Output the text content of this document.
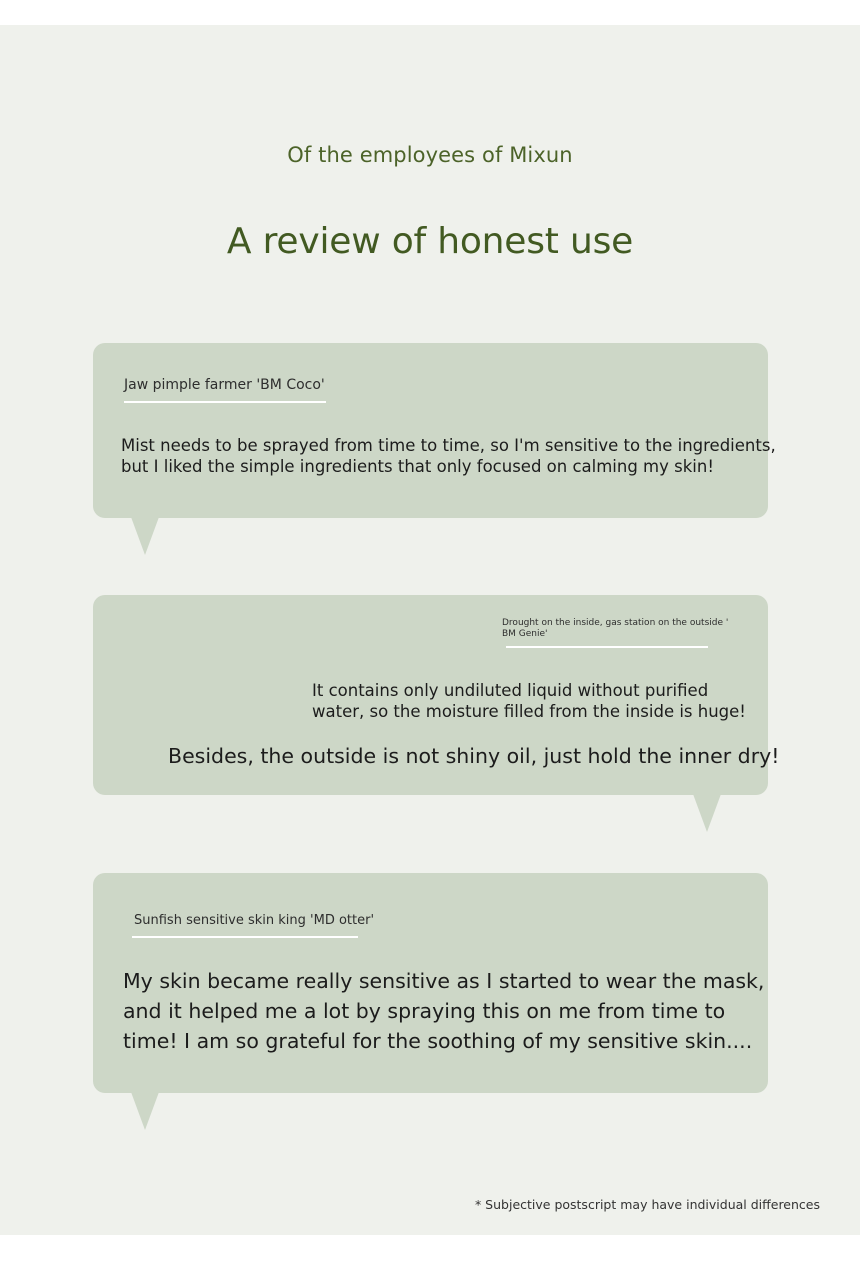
Of the employees of Mixun
A review of honest use
Jaw pimple farmer 'BM Coco'
Mist needs to be sprayed from time to time, so I'm sensitive to the ingredients,
but I liked the simple ingredients that only focused on calming my skin!
Drought on the inside, gas station on the outside '
BM Genie'
It contains only undiluted liquid without purified
water, so the moisture filled from the inside is huge!
Besides, the outside is not shiny oil, just hold the inner dry!
Sunfish sensitive skin king 'MD otter'
My skin became really sensitive as I started to wear the mask,
and it helped me a lot by spraying this on me from time to
time! I am so grateful for the soothing of my sensitive skin....
* Subjective postscript may have individual differences
